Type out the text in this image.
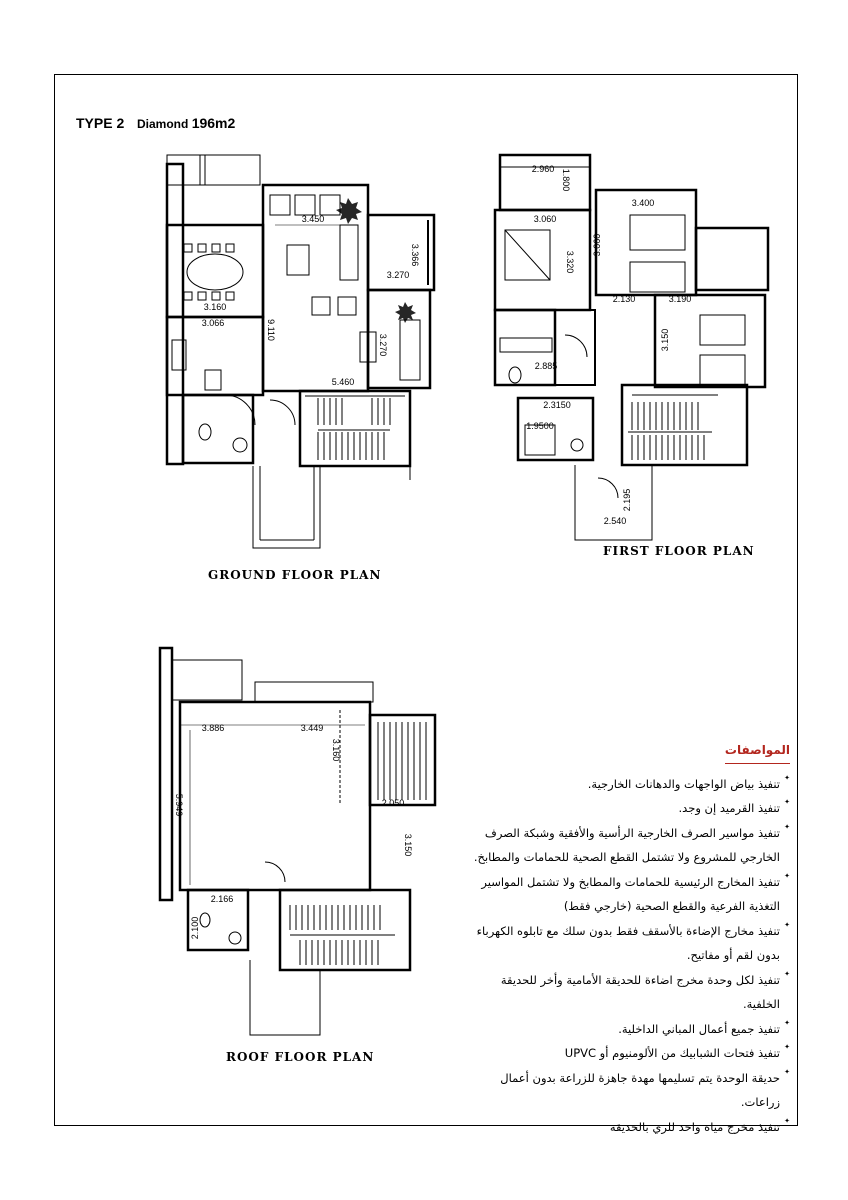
TYPE 2 Diamond 196m2
3.450
3.366
3.270
3.160
3.066	9.110
3.270
5.460
2.960 1.800
3.400
3.060
3.320
3.060
2.130	3.190
3.150
2.885
2.3150
1.9500
2.195
2.540
3.886	3.449
3.160
5.949	2.050
3.150
2.166
2.100
GROUND FLOOR PLAN
FIRST FLOOR PLAN
ROOF FLOOR PLAN
المواصفات
✦ تنفيذ بياض الواجهات والدهانات الخارجية.
✦ تنفيذ القرميد إن وجد.
✦ تنفيذ مواسير الصرف الخارجية الرأسية والأفقية وشبكة الصرف الخارجي للمشروع ولا تشتمل القطع الصحية للحمامات والمطابخ.
✦ تنفيذ المخارج الرئيسية للحمامات والمطابخ ولا تشتمل المواسير التغذية الفرعية والقطع الصحية (خارجي فقط)
✦ تنفيذ مخارج الإضاءة بالأسقف فقط بدون سلك مع تابلوه الكهرباء بدون لقم أو مفاتيح.
✦ تنفيذ لكل وحدة مخرج اضاءة للحديقة الأمامية وأخر للحديقة الخلفية.
✦ تنفيذ جميع أعمال المباني الداخلية.
✦ تنفيذ فتحات الشبابيك من الألومنيوم أو UPVC
✦ حديقة الوحدة يتم تسليمها مهدة جاهزة للزراعة بدون أعمال زراعات.
✦ تنفيذ مخرج مياه واحد للري بالحديقة
